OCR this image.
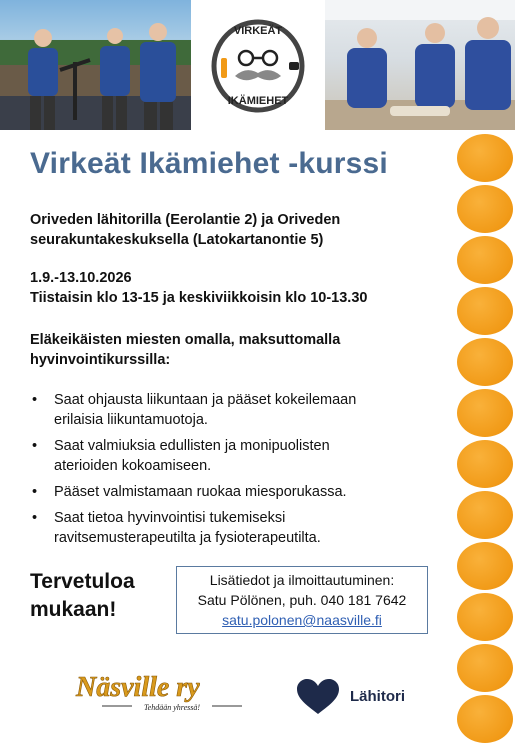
VIRKEÄT
IKÄMIEHET
Virkeät Ikämiehet -kurssi
Oriveden lähitorilla (Eerolantie 2) ja Oriveden
seurakuntakeskuksella (Latokartanontie 5)
1.9.-13.10.2026
Tiistaisin klo 13-15 ja keskiviikkoisin klo 10-13.30
Eläkeikäisten miesten omalla, maksuttomalla
hyvinvointikurssilla:
• Saat ohjausta liikuntaan ja pääset kokeilemaan
erilaisia liikuntamuotoja.
• Saat valmiuksia edullisten ja monipuolisten
aterioiden kokoamiseen.
• Pääset valmistamaan ruokaa miesporukassa.
• Saat tietoa hyvinvointisi tukemiseksi
ravitsemusterapeutilta ja fysioterapeutilta.
Tervetuloa
mukaan!
Lisätiedot ja ilmoittautuminen:
Satu Pölönen, puh. 040 181 7642
satu.polonen@naasville.fi
Näsville ry
Tehdään yhressä!
Lähitori
